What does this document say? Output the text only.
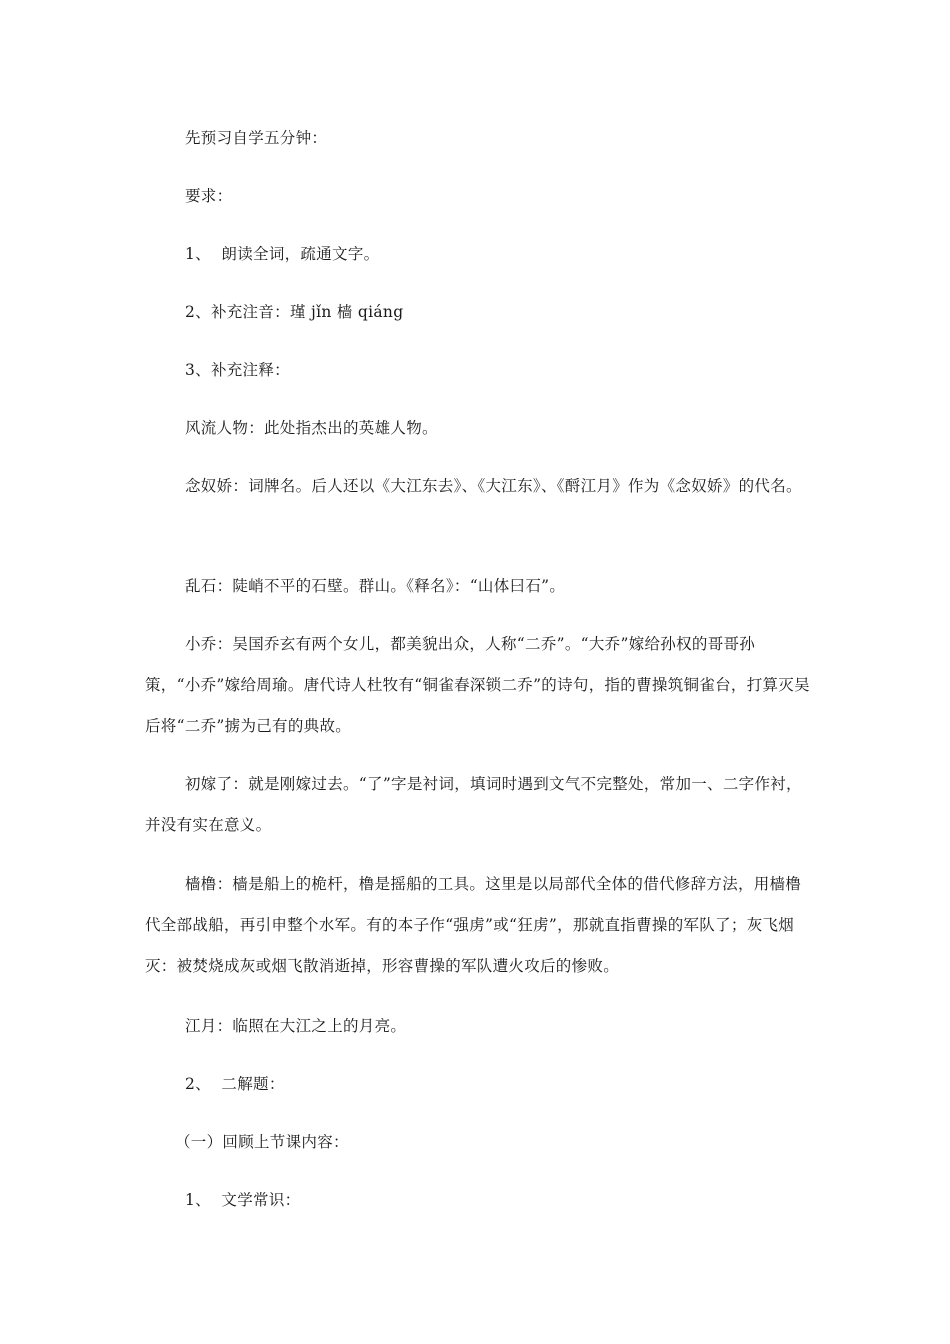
先预习自学五分钟：

要求：

1、  朗读全词，疏通文字。

2、补充注音：瑾 jǐn 樯 qiáng

3、补充注释：

风流人物：此处指杰出的英雄人物。

念奴娇：词牌名。后人还以《大江东去》、《大江东》、《酹江月》作为《念奴娇》的代名。

乱石：陡峭不平的石壁。群山。《释名》：“山体曰石”。

小乔：吴国乔玄有两个女儿，都美貌出众，人称“二乔”。“大乔”嫁给孙权的哥哥孙策，“小乔”嫁给周瑜。唐代诗人杜牧有“铜雀春深锁二乔”的诗句，指的曹操筑铜雀台，打算灭吴后将“二乔”掳为己有的典故。

初嫁了：就是刚嫁过去。“了”字是衬词，填词时遇到文气不完整处，常加一、二字作衬，并没有实在意义。

樯橹：樯是船上的桅杆，橹是摇船的工具。这里是以局部代全体的借代修辞方法，用樯橹代全部战船，再引申整个水军。有的本子作“强虏”或“狂虏”，那就直指曹操的军队了；灰飞烟灭：被焚烧成灰或烟飞散消逝掉，形容曹操的军队遭火攻后的惨败。

江月：临照在大江之上的月亮。

2、  二解题：

（一）回顾上节课内容：

1、  文学常识：
